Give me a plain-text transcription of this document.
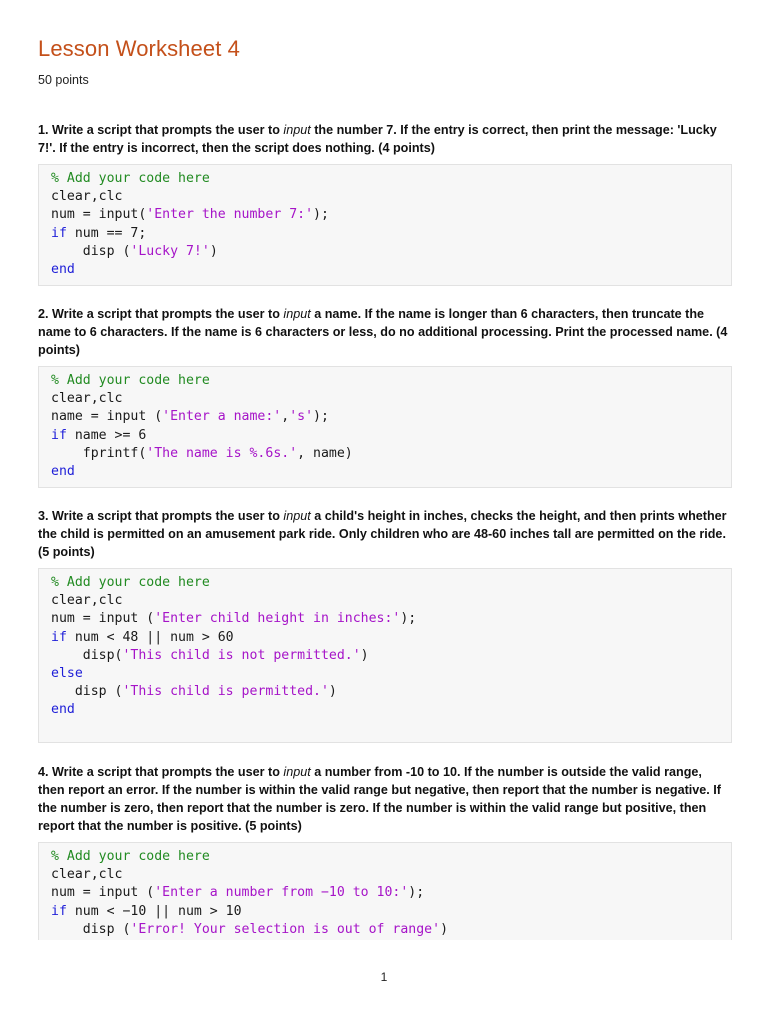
Lesson Worksheet 4
50 points
1. Write a script that prompts the user to input the number 7. If the entry is correct, then print the message: 'Lucky 7!'. If the entry is incorrect, then the script does nothing. (4 points)
% Add your code here
clear,clc
num = input('Enter the number 7:');
if num == 7;
disp ('Lucky 7!')
end
2. Write a script that prompts the user to input a name. If the name is longer than 6 characters, then truncate the name to 6 characters. If the name is 6 characters or less, do no additional processing. Print the processed name. (4 points)
% Add your code here
clear,clc
name = input ('Enter a name:','s');
if name >= 6
fprintf('The name is %.6s.', name)
end
3. Write a script that prompts the user to input a child's height in inches, checks the height, and then prints whether the child is permitted on an amusement park ride. Only children who are 48-60 inches tall are permitted on the ride. (5 points)
% Add your code here
clear,clc
num = input ('Enter child height in inches:');
if num < 48 || num > 60
disp('This child is not permitted.')
else
disp ('This child is permitted.')
end
4. Write a script that prompts the user to input a number from -10 to 10. If the number is outside the valid range, then report an error. If the number is within the valid range but negative, then report that the number is negative. If the number is zero, then report that the number is zero. If the number is within the valid range but positive, then report that the number is positive. (5 points)
% Add your code here
clear,clc
num = input ('Enter a number from −10 to 10:');
if num < −10 || num > 10
disp ('Error! Your selection is out of range')
1
